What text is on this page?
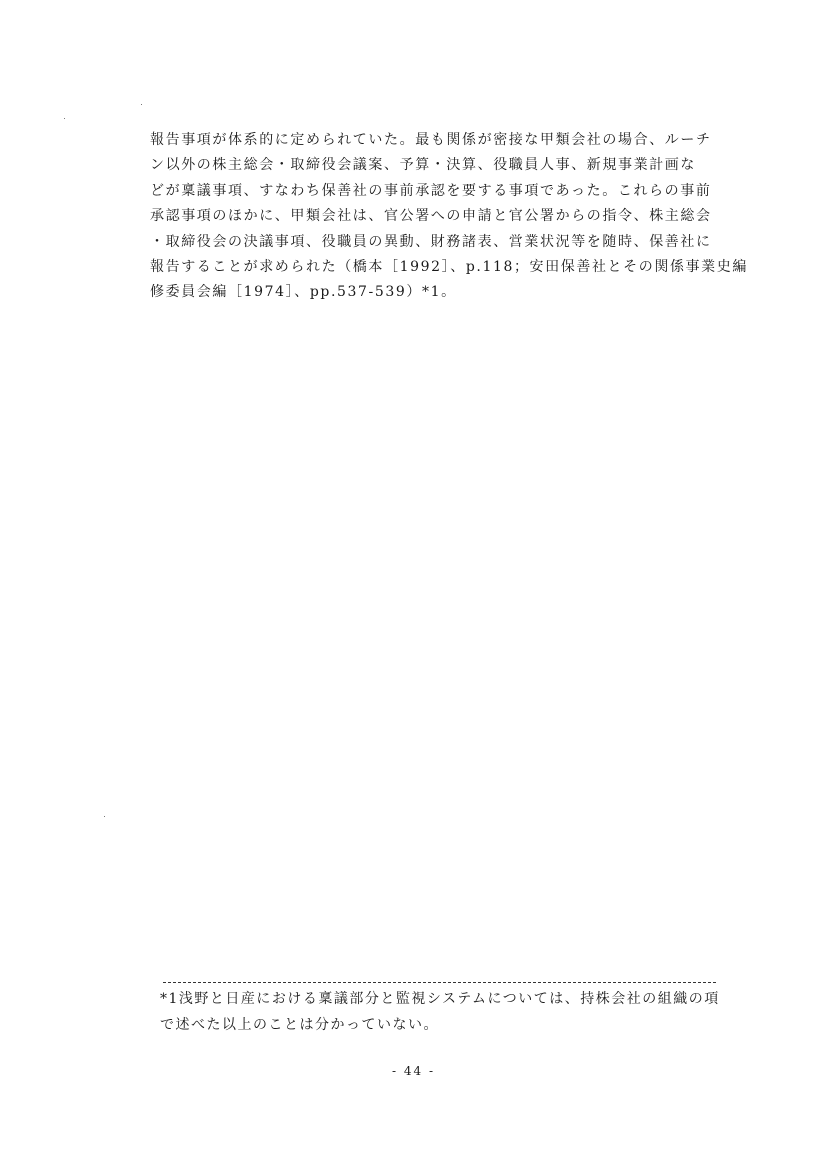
報告事項が体系的に定められていた。最も関係が密接な甲類会社の場合、ルーチ
ン以外の株主総会・取締役会議案、予算・決算、役職員人事、新規事業計画な
どが稟議事項、すなわち保善社の事前承認を要する事項であった。これらの事前
承認事項のほかに、甲類会社は、官公署への申請と官公署からの指令、株主総会
・取締役会の決議事項、役職員の異動、財務諸表、営業状況等を随時、保善社に
報告することが求められた（橋本［1992］、p.118；安田保善社とその関係事業史編
修委員会編［1974］、pp.537-539）*1。
*1浅野と日産における稟議部分と監視システムについては、持株会社の組織の項
で述べた以上のことは分かっていない。
- 44 -
